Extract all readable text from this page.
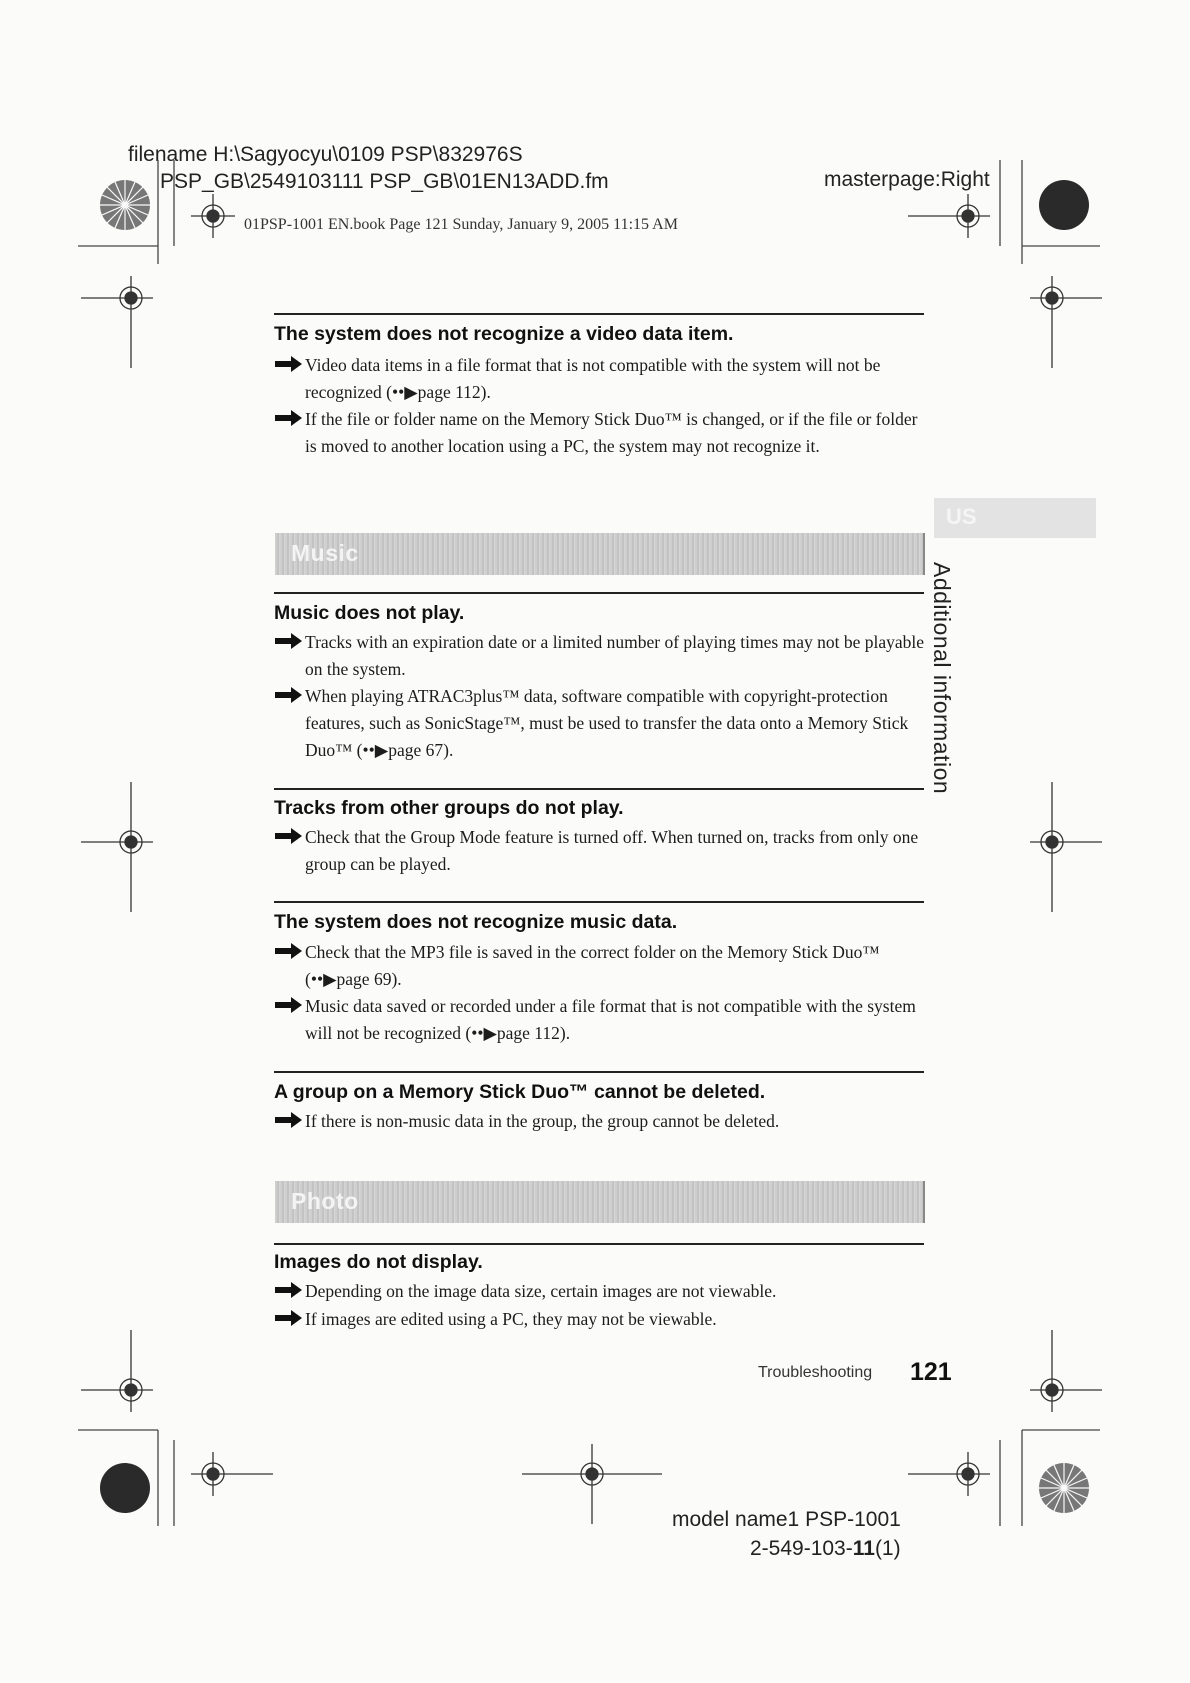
filename H:\Sagyocyu\0109 PSP\832976S
PSP_GB\2549103111 PSP_GB\01EN13ADD.fm	masterpage:Right
01PSP-1001 EN.book Page 121 Sunday, January 9, 2005 11:15 AM
US
Additional information
The system does not recognize a video data item.
Video data items in a file format that is not compatible with the system will not be recognized (••▶page 112).
If the file or folder name on the Memory Stick Duo™ is changed, or if the file or folder is moved to another location using a PC, the system may not recognize it.
Music
Music does not play.
Tracks with an expiration date or a limited number of playing times may not be playable on the system.
When playing ATRAC3plus™ data, software compatible with copyright-protection features, such as SonicStage™, must be used to transfer the data onto a Memory Stick Duo™ (••▶page 67).
Tracks from other groups do not play.
Check that the Group Mode feature is turned off. When turned on, tracks from only one group can be played.
The system does not recognize music data.
Check that the MP3 file is saved in the correct folder on the Memory Stick Duo™ (••▶page 69).
Music data saved or recorded under a file format that is not compatible with the system will not be recognized (••▶page 112).
A group on a Memory Stick Duo™ cannot be deleted.
If there is non-music data in the group, the group cannot be deleted.
Photo
Images do not display.
Depending on the image data size, certain images are not viewable.
If images are edited using a PC, they may not be viewable.
Troubleshooting 121
model name1 PSP-1001
2-549-103-11(1)
